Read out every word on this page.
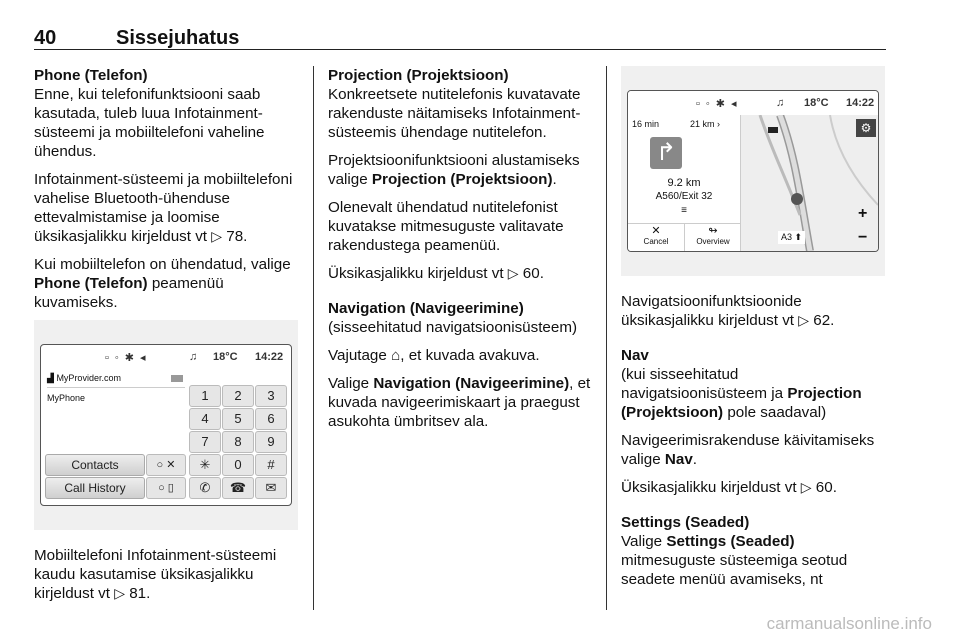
40	Sissejuhatus
Phone (Telefon)

Enne, kui telefonifunktsiooni saab kasutada, tuleb luua Infotainment-süsteemi ja mobiiltelefoni vaheline ühendus.

Infotainment-süsteemi ja mobiiltelefoni vahelise Bluetooth-ühenduse ettevalmistamise ja loomise üksikasjalikku kirjeldust vt ▷ 78.

Kui mobiiltelefon on ühendatud, valige Phone (Telefon) peamenüü kuvamiseks.

▫◦✱◂	♫ 18°C 14:22
▟ MyProvider.com
MyPhone	1	2	3
4	5	6
7	8	9
✳	0	#
✆	☎	✉
Contacts
Call History
○ ✕
○ ▯

Mobiiltelefoni Infotainment-süsteemi kaudu kasutamise üksikasjalikku kirjeldust vt ▷ 81.

Projection (Projektsioon)

Konkreetsete nutitelefonis kuvatavate rakenduste näitamiseks Infotainment-süsteemis ühendage nutitelefon.

Projektsioonifunktsiooni alustamiseks valige Projection (Projektsioon).

Olenevalt ühendatud nutitelefonist kuvatakse mitmesuguste valitavate rakendustega peamenüü.

Üksikasjalikku kirjeldust vt ▷ 60.

Navigation (Navigeerimine)

(sisseehitatud navigatsioonisüsteem)

Vajutage ⌂, et kuvada avakuva.

Valige Navigation (Navigeerimine), et kuvada navigeerimiskaart ja praegust asukohta ümbritsev ala.

▫◦✱◂	♫ 18°C 14:22
16 min	21 km ›
↱
9.2 km
A560/Exit 32
≡
✕
Cancel
↬
Overview
⚙
+
−
A3 ⬆

Navigatsioonifunktsioonide üksikasjalikku kirjeldust vt ▷ 62.

Nav

(kui sisseehitatud navigatsioonisüsteem ja Projection (Projektsioon) pole saadaval)

Navigeerimisrakenduse käivitamiseks valige Nav.

Üksikasjalikku kirjeldust vt ▷ 60.

Settings (Seaded)

Valige Settings (Seaded) mitmesuguste süsteemiga seotud seadete menüü avamiseks, nt

carmanualsonline.info
